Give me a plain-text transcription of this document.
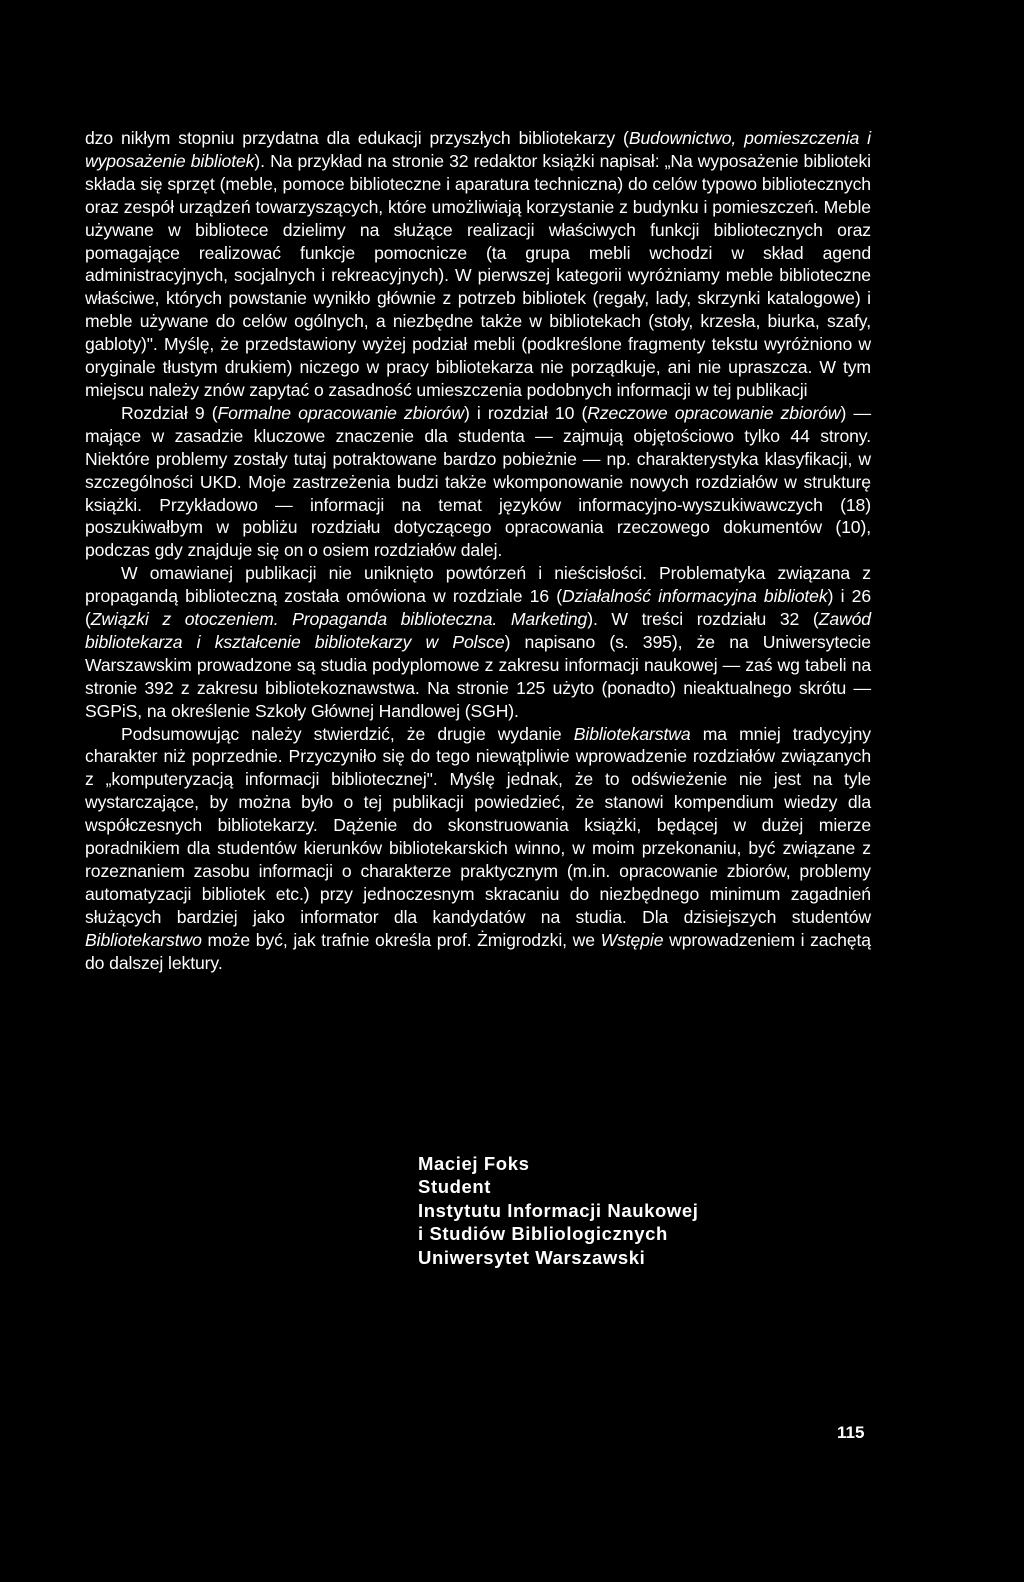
dzo nikłym stopniu przydatna dla edukacji przyszłych bibliotekarzy (Budownictwo, pomieszczenia i wyposażenie bibliotek). Na przykład na stronie 32 redaktor książki napisał: „Na wyposażenie biblioteki składa się sprzęt (meble, pomoce biblioteczne i aparatura techniczna) do celów typowo bibliotecznych oraz zespół urządzeń towarzyszących, które umożliwiają korzystanie z budynku i pomieszczeń. Meble używane w bibliotece dzielimy na służące realizacji właściwych funkcji bibliotecznych oraz pomagające realizować funkcje pomocnicze (ta grupa mebli wchodzi w skład agend administracyjnych, socjalnych i rekreacyjnych). W pierwszej kategorii wyróżniamy meble biblioteczne właściwe, których powstanie wynikło głównie z potrzeb bibliotek (regały, lady, skrzynki katalogowe) i meble używane do celów ogólnych, a niezbędne także w bibliotekach (stoły, krzesła, biurka, szafy, gabloty)". Myślę, że przedstawiony wyżej podział mebli (podkreślone fragmenty tekstu wyróżniono w oryginale tłustym drukiem) niczego w pracy bibliotekarza nie porządkuje, ani nie upraszcza. W tym miejscu należy znów zapytać o zasadność umieszczenia podobnych informacji w tej publikacji

Rozdział 9 (Formalne opracowanie zbiorów) i rozdział 10 (Rzeczowe opracowanie zbiorów) — mające w zasadzie kluczowe znaczenie dla studenta — zajmują objętościowo tylko 44 strony. Niektóre problemy zostały tutaj potraktowane bardzo pobieżnie — np. charakterystyka klasyfikacji, w szczególności UKD. Moje zastrzeżenia budzi także wkomponowanie nowych rozdziałów w strukturę książki. Przykładowo — informacji na temat języków informacyjno-wyszukiwawczych (18) poszukiwałbym w pobliżu rozdziału dotyczącego opracowania rzeczowego dokumentów (10), podczas gdy znajduje się on o osiem rozdziałów dalej.

W omawianej publikacji nie uniknięto powtórzeń i nieścisłości. Problematyka związana z propagandą biblioteczną została omówiona w rozdziale 16 (Działalność informacyjna bibliotek) i 26 (Związki z otoczeniem. Propaganda biblioteczna. Marketing). W treści rozdziału 32 (Zawód bibliotekarza i kształcenie bibliotekarzy w Polsce) napisano (s. 395), że na Uniwersytecie Warszawskim prowadzone są studia podyplomowe z zakresu informacji naukowej — zaś wg tabeli na stronie 392 z zakresu bibliotekoznawstwa. Na stronie 125 użyto (ponadto) nieaktualnego skrótu — SGPiS, na określenie Szkoły Głównej Handlowej (SGH).

Podsumowując należy stwierdzić, że drugie wydanie Bibliotekarstwa ma mniej tradycyjny charakter niż poprzednie. Przyczyniło się do tego niewątpliwie wprowadzenie rozdziałów związanych z „komputeryzacją informacji bibliotecznej". Myślę jednak, że to odświeżenie nie jest na tyle wystarczające, by można było o tej publikacji powiedzieć, że stanowi kompendium wiedzy dla współczesnych bibliotekarzy. Dążenie do skonstruowania książki, będącej w dużej mierze poradnikiem dla studentów kierunków bibliotekarskich winno, w moim przekonaniu, być związane z rozeznaniem zasobu informacji o charakterze praktycznym (m.in. opracowanie zbiorów, problemy automatyzacji bibliotek etc.) przy jednoczesnym skracaniu do niezbędnego minimum zagadnień służących bardziej jako informator dla kandydatów na studia. Dla dzisiejszych studentów Bibliotekarstwo może być, jak trafnie określa prof. Żmigrodzki, we Wstępie wprowadzeniem i zachętą do dalszej lektury.

Maciej Foks
Student
Instytutu Informacji Naukowej
i Studiów Bibliologicznych
Uniwersytet Warszawski
115
